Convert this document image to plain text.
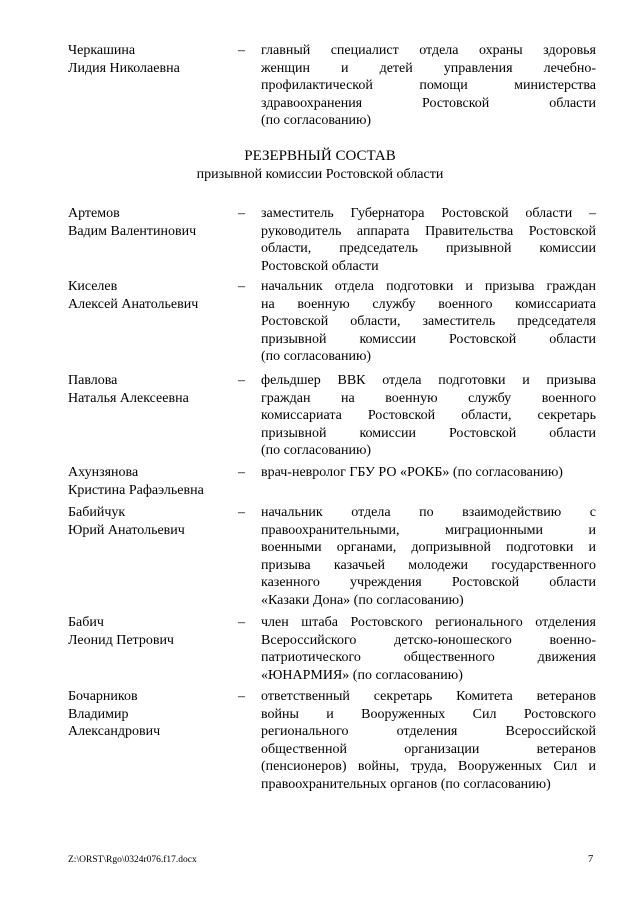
Черкашина
Лидия Николаевна
–	главный специалист отдела охраны здоровья
женщин и детей управления лечебно-
профилактической помощи министерства
здравоохранения Ростовской области
(по согласованию)
РЕЗЕРВНЫЙ СОСТАВ
призывной комиссии Ростовской области
Артемов
Вадим Валентинович
–	заместитель Губернатора Ростовской области –
руководитель аппарата Правительства Ростовской
области, председатель призывной комиссии
Ростовской области
Киселев
Алексей Анатольевич
–	начальник отдела подготовки и призыва граждан
на военную службу военного комиссариата
Ростовской области, заместитель председателя
призывной комиссии Ростовской области
(по согласованию)
Павлова
Наталья Алексеевна
–	фельдшер ВВК отдела подготовки и призыва
граждан на военную службу военного
комиссариата Ростовской области, секретарь
призывной комиссии Ростовской области
(по согласованию)
Ахунзянова
Кристина Рафаэльевна
–	врач-невролог ГБУ РО «РОКБ» (по согласованию)
Бабийчук
Юрий Анатольевич
–	начальник отдела по взаимодействию с
правоохранительными, миграционными и
военными органами, допризывной подготовки и
призыва казачьей молодежи государственного
казенного учреждения Ростовской области
«Казаки Дона» (по согласованию)
Бабич
Леонид Петрович
–	член штаба Ростовского регионального отделения
Всероссийского детско-юношеского военно-
патриотического общественного движения
«ЮНАРМИЯ» (по согласованию)
Бочарников
Владимир
Александрович
–	ответственный секретарь Комитета ветеранов
войны и Вооруженных Сил Ростовского
регионального отделения Всероссийской
общественной организации ветеранов
(пенсионеров) войны, труда, Вооруженных Сил и
правоохранительных органов (по согласованию)
Z:\ORST\Rgo\0324r076.f17.docx	7
